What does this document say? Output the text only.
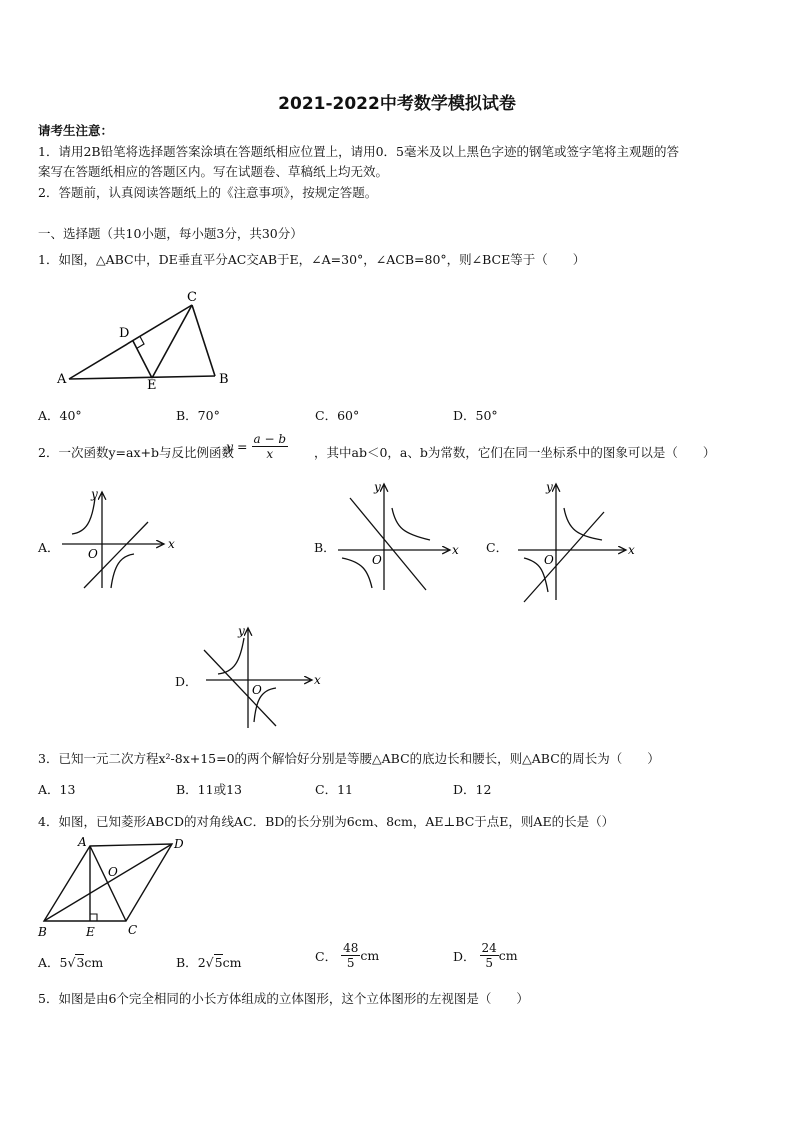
2021-2022中考数学模拟试卷
请考生注意：
1．请用2B铅笔将选择题答案涂填在答题纸相应位置上，请用0．5毫米及以上黑色字迹的钢笔或签字笔将主观题的答
案写在答题纸相应的答题区内。写在试题卷、草稿纸上均无效。
2．答题前，认真阅读答题纸上的《注意事项》，按规定答题。
一、选择题（共10小题，每小题3分，共30分）
1．如图，△ABC中，DE垂直平分AC交AB于E，∠A=30°，∠ACB=80°，则∠BCE等于（　　）
A	B
C
D
E
A．40°	B．70°	C．60°	D．50°
2．一次函数y=ax+b与反比例函数
y =
$\frac{a - b}{x}$ ，其中ab＜0，a、b为常数，它们在同一坐标系中的图象可以是（　　）
A．	B．	C．
D．
x
y
O	x
y
O
x
y
O
x
y
O
3．已知一元二次方程x²-8x+15=0的两个解恰好分别是等腰△ABC的底边长和腰长，则△ABC的周长为（　　）
A．13	B．11或13	C．11	D．12
4．如图，已知菱形ABCD的对角线AC．BD的长分别为6cm、8cm，AE⊥BC于点E，则AE的长是（）
A	D
B	C
E
O
A． 5 √ 3 cm	B． 2 √ 5 cm	C．
$\frac{48}{5}$ cm	D．
$\frac{24}{5}$ cm
5．如图是由6个完全相同的小长方体组成的立体图形，这个立体图形的左视图是（　　）
